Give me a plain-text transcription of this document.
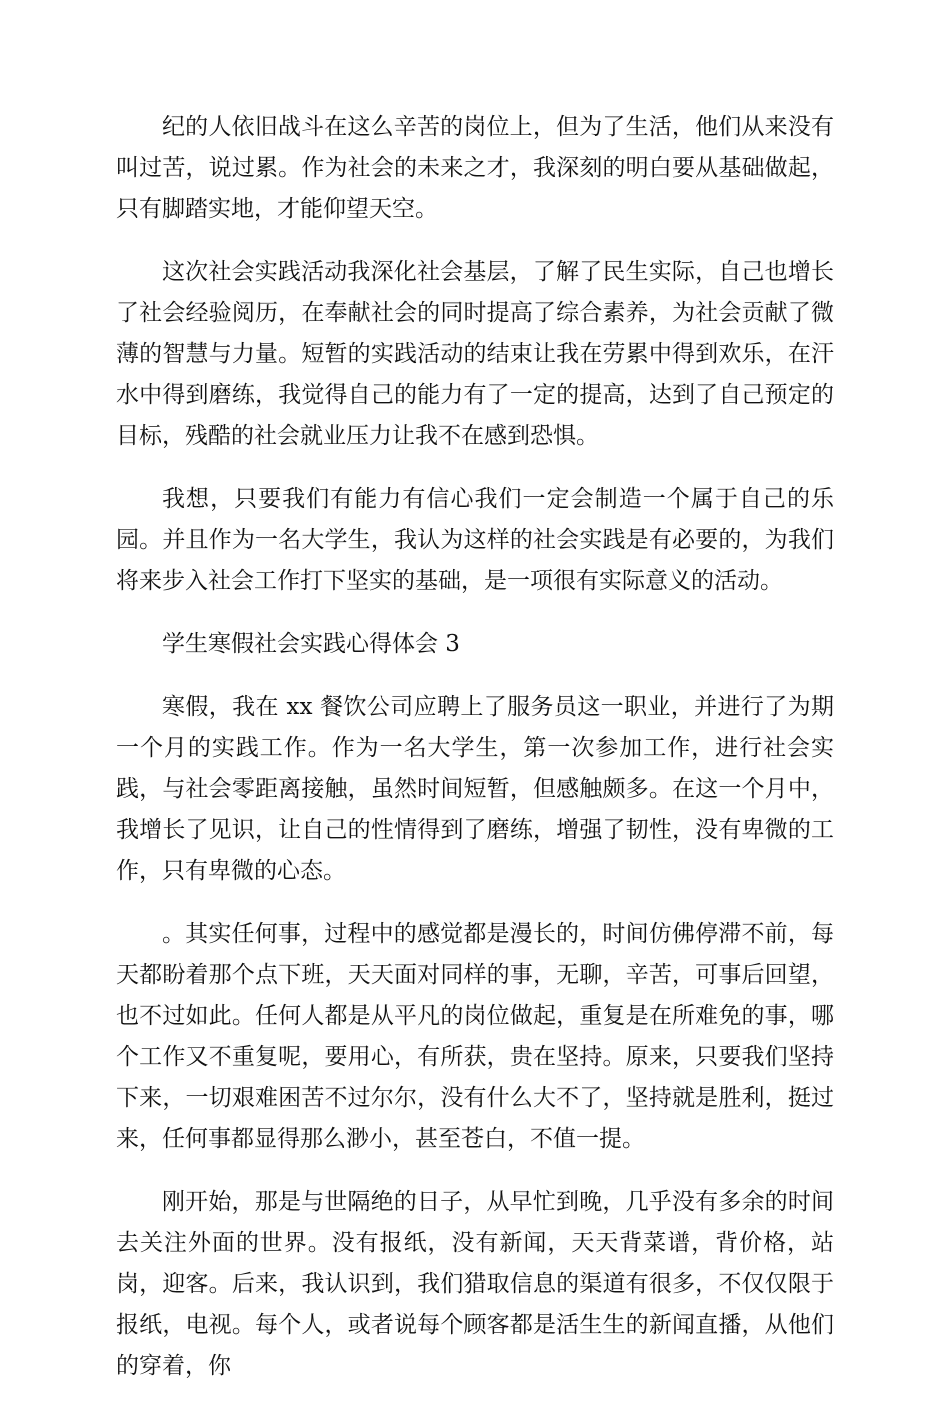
纪的人依旧战斗在这么辛苦的岗位上，但为了生活，他们从来没有叫过苦，说过累。作为社会的未来之才，我深刻的明白要从基础做起，只有脚踏实地，才能仰望天空。

这次社会实践活动我深化社会基层，了解了民生实际，自己也增长了社会经验阅历，在奉献社会的同时提高了综合素养，为社会贡献了微薄的智慧与力量。短暂的实践活动的结束让我在劳累中得到欢乐，在汗水中得到磨练，我觉得自己的能力有了一定的提高，达到了自己预定的目标，残酷的社会就业压力让我不在感到恐惧。

我想，只要我们有能力有信心我们一定会制造一个属于自己的乐园。并且作为一名大学生，我认为这样的社会实践是有必要的，为我们将来步入社会工作打下坚实的基础，是一项很有实际意义的活动。

学生寒假社会实践心得体会 3

寒假，我在 xx 餐饮公司应聘上了服务员这一职业，并进行了为期一个月的实践工作。作为一名大学生，第一次参加工作，进行社会实践，与社会零距离接触，虽然时间短暂，但感触颇多。在这一个月中，我增长了见识，让自己的性情得到了磨练，增强了韧性，没有卑微的工作，只有卑微的心态。

。其实任何事，过程中的感觉都是漫长的，时间仿佛停滞不前，每天都盼着那个点下班，天天面对同样的事，无聊，辛苦，可事后回望，也不过如此。任何人都是从平凡的岗位做起，重复是在所难免的事，哪个工作又不重复呢，要用心，有所获，贵在坚持。原来，只要我们坚持下来，一切艰难困苦不过尔尔，没有什么大不了，坚持就是胜利，挺过来，任何事都显得那么渺小，甚至苍白，不值一提。

刚开始，那是与世隔绝的日子，从早忙到晚，几乎没有多余的时间去关注外面的世界。没有报纸，没有新闻，天天背菜谱，背价格，站岗，迎客。后来，我认识到，我们猎取信息的渠道有很多，不仅仅限于报纸，电视。每个人，或者说每个顾客都是活生生的新闻直播，从他们的穿着，你
